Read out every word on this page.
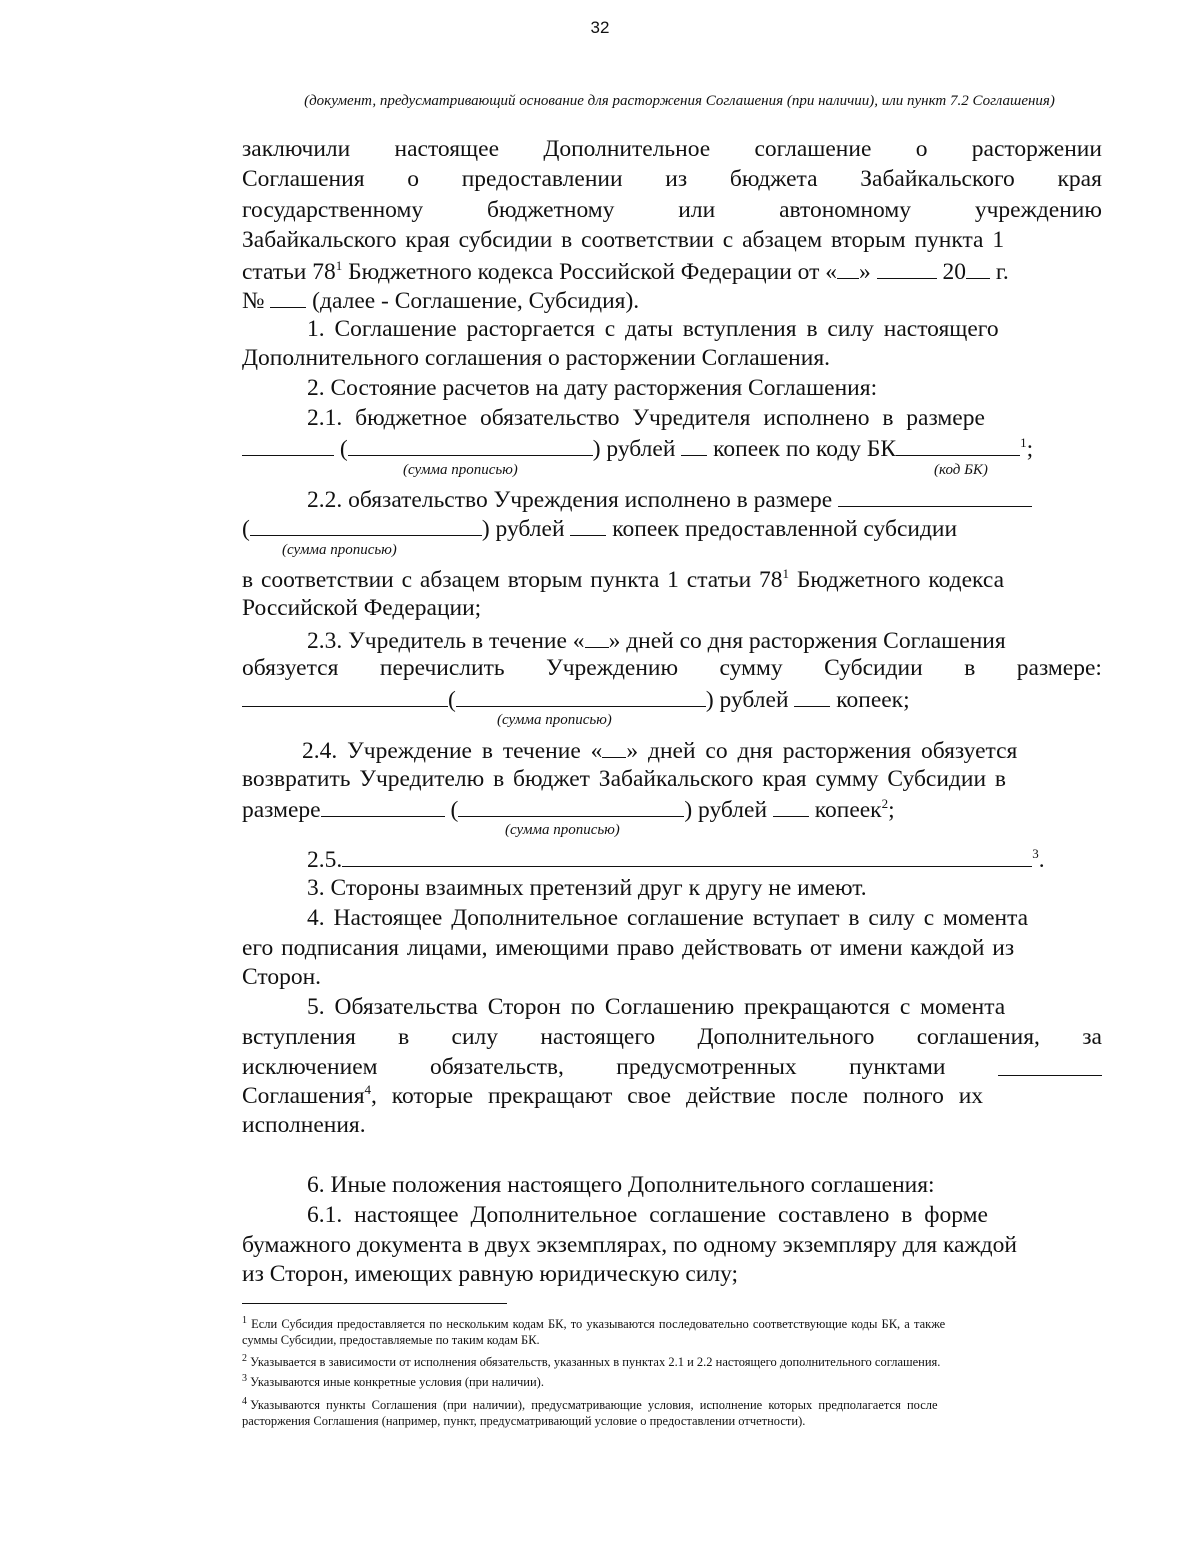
32
(документ, предусматривающий основание для расторжения Соглашения (при наличии), или пункт 7.2 Соглашения)
заключили настоящее Дополнительное соглашение о расторжении
Соглашения о предоставлении из бюджета Забайкальского края
государственному	бюджетному	или	автономному	учреждению
Забайкальского края субсидии в соответствии с абзацем вторым пункта 1
статьи $78^1$ Бюджетного кодекса Российской Федерации от « »	20 г.
№  (далее - Соглашение, Субсидия).
1. Соглашение расторгается с даты вступления в силу настоящего
Дополнительного соглашения о расторжении Соглашения.
2. Состояние расчетов на дату расторжения Соглашения:
2.1. бюджетное обязательство Учредителя исполнено в размере
(	) рублей  копеек по коду БК	$^1$;
(сумма прописью)	(код БК)
2.2. обязательство Учреждения исполнено в размере
(	) рублей  копеек предоставленной субсидии
(сумма прописью)
в соответствии с абзацем вторым пункта 1 статьи $78^1$ Бюджетного кодекса
Российской Федерации;
2.3. Учредитель в течение « » дней со дня расторжения Соглашения
обязуется перечислить Учреждению сумму Субсидии в размере:
(	) рублей  копеек;
(сумма прописью)
2.4. Учреждение в течение « » дней со дня расторжения обязуется
возвратить Учредителю в бюджет Забайкальского края сумму Субсидии в
размере	(	) рублей  копеек$^2$;
(сумма прописью)
2.5.	$^3$.
3. Стороны взаимных претензий друг к другу не имеют.
4. Настоящее Дополнительное соглашение вступает в силу с момента
его подписания лицами, имеющими право действовать от имени каждой из
Сторон.
5. Обязательства Сторон по Соглашению прекращаются с момента
вступления в силу настоящего Дополнительного соглашения, за
исключением обязательств, предусмотренных пунктами
Соглашения$^4$, которые прекращают свое действие после полного их
исполнения.
6. Иные положения настоящего Дополнительного соглашения:
6.1. настоящее Дополнительное соглашение составлено в форме
бумажного документа в двух экземплярах, по одному экземпляру для каждой
из Сторон, имеющих равную юридическую силу;
$^1$ Если Субсидия предоставляется по нескольким кодам БК, то указываются последовательно соответствующие коды БК, а также
суммы Субсидии, предоставляемые по таким кодам БК.
$^2$ Указывается в зависимости от исполнения обязательств, указанных в пунктах 2.1 и 2.2 настоящего дополнительного соглашения.
$^3$ Указываются иные конкретные условия (при наличии).
$^4$ Указываются пункты Соглашения (при наличии), предусматривающие условия, исполнение которых предполагается после
расторжения Соглашения (например, пункт, предусматривающий условие о предоставлении отчетности).
